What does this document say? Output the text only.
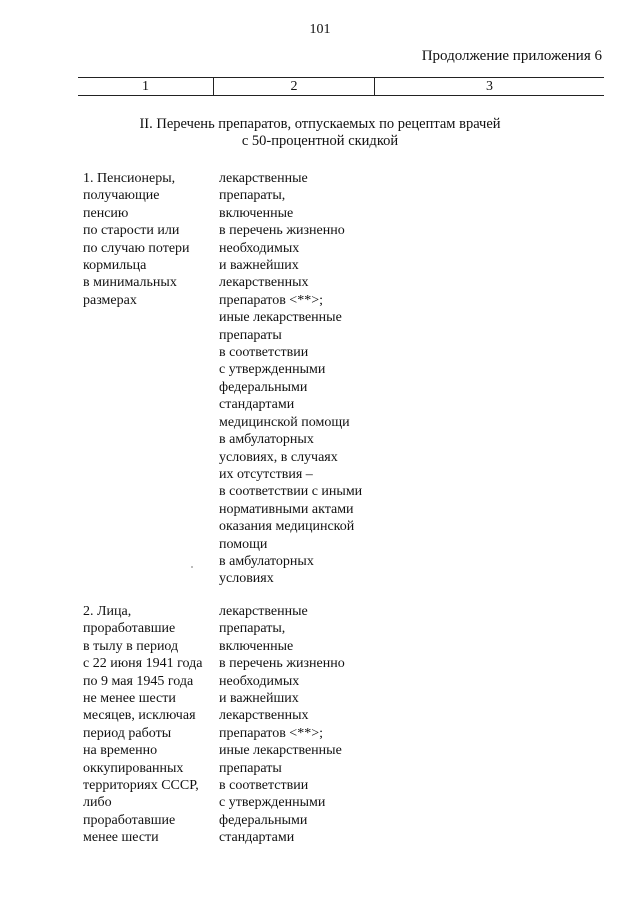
101
Продолжение приложения 6
1	2	3
II. Перечень препаратов, отпускаемых по рецептам врачей
с 50-процентной скидкой
1. Пенсионеры,
получающие
пенсию
по старости или
по случаю потери
кормильца
в минимальных
размерах
лекарственные
препараты,
включенные
в перечень жизненно
необходимых
и важнейших
лекарственных
препаратов <**>;
иные лекарственные
препараты
в соответствии
с утвержденными
федеральными
стандартами
медицинской помощи
в амбулаторных
условиях, в случаях
их отсутствия –
в соответствии с иными
нормативными актами
оказания медицинской
помощи
в амбулаторных
условиях
2. Лица,
проработавшие
в тылу в период
с 22 июня 1941 года
по 9 мая 1945 года
не менее шести
месяцев, исключая
период работы
на временно
оккупированных
территориях СССР,
либо
проработавшие
менее шести
лекарственные
препараты,
включенные
в перечень жизненно
необходимых
и важнейших
лекарственных
препаратов <**>;
иные лекарственные
препараты
в соответствии
с утвержденными
федеральными
стандартами
